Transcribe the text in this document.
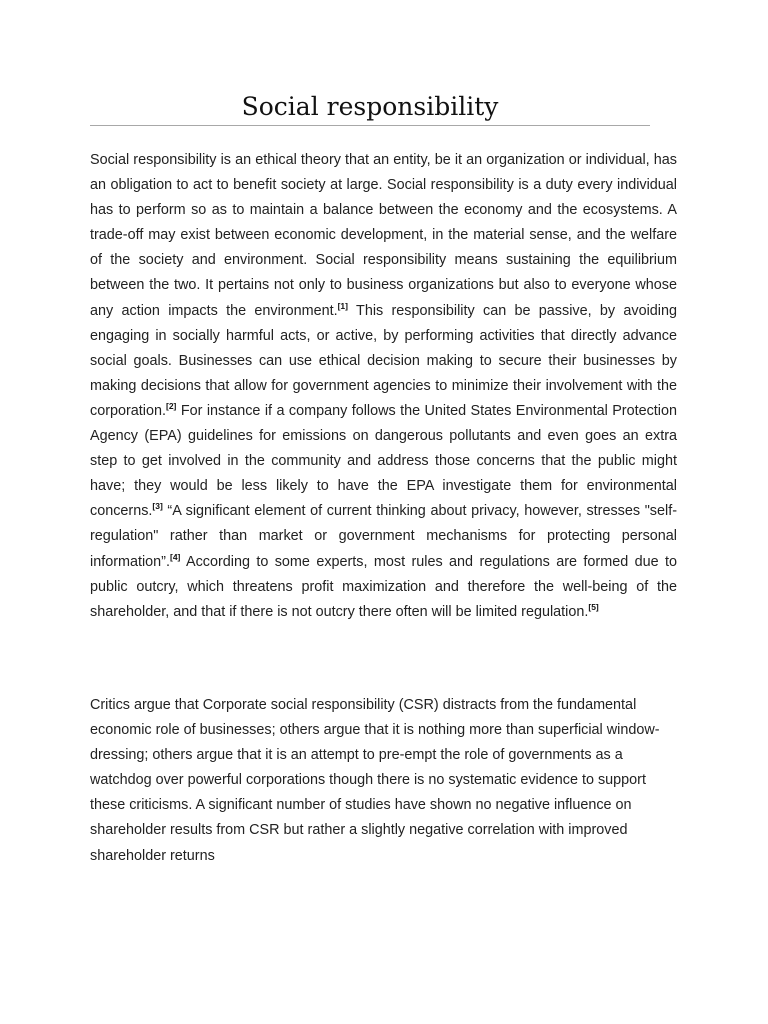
Social responsibility

Social responsibility is an ethical theory that an entity, be it an organization or individual, has an obligation to act to benefit society at large. Social responsibility is a duty every individual has to perform so as to maintain a balance between the economy and the ecosystems. A trade-off may exist between economic development, in the material sense, and the welfare of the society and environment. Social responsibility means sustaining the equilibrium between the two. It pertains not only to business organizations but also to everyone whose any action impacts the environment.[1] This responsibility can be passive, by avoiding engaging in socially harmful acts, or active, by performing activities that directly advance social goals. Businesses can use ethical decision making to secure their businesses by making decisions that allow for government agencies to minimize their involvement with the corporation.[2] For instance if a company follows the United States Environmental Protection Agency (EPA) guidelines for emissions on dangerous pollutants and even goes an extra step to get involved in the community and address those concerns that the public might have; they would be less likely to have the EPA investigate them for environmental concerns.[3] “A significant element of current thinking about privacy, however, stresses "self-regulation" rather than market or government mechanisms for protecting personal information”.[4] According to some experts, most rules and regulations are formed due to public outcry, which threatens profit maximization and therefore the well-being of the shareholder, and that if there is not outcry there often will be limited regulation.[5]

Critics argue that Corporate social responsibility (CSR) distracts from the fundamental economic role of businesses; others argue that it is nothing more than superficial window-dressing; others argue that it is an attempt to pre-empt the role of governments as a watchdog over powerful corporations though there is no systematic evidence to support these criticisms. A significant number of studies have shown no negative influence on shareholder results from CSR but rather a slightly negative correlation with improved shareholder returns
